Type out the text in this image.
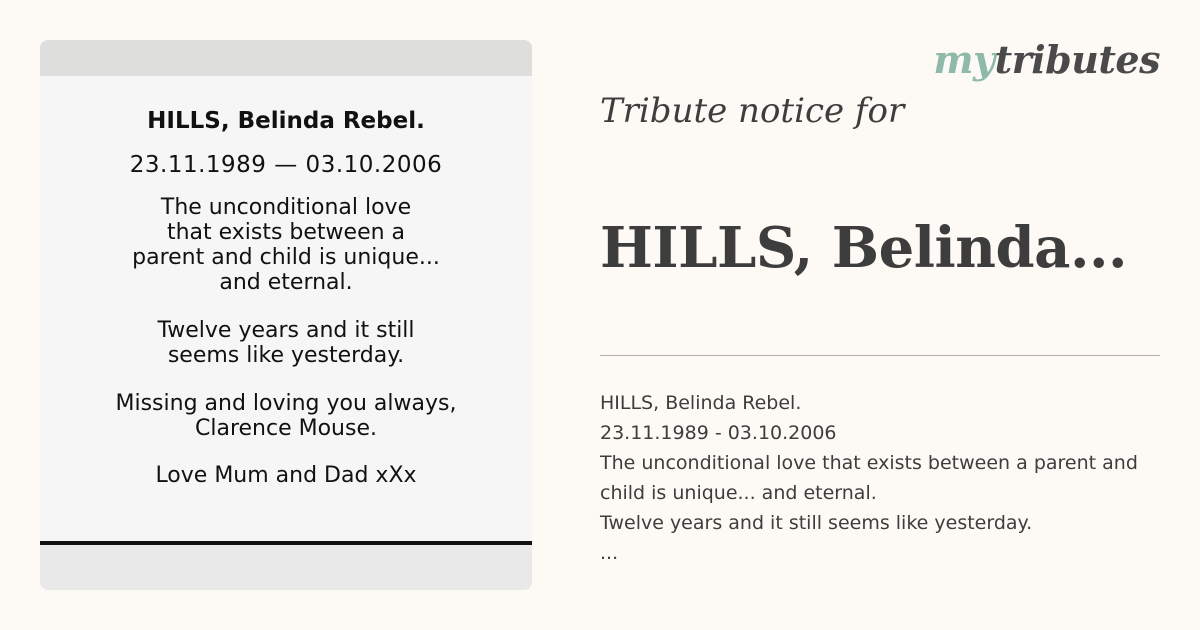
HILLS, Belinda Rebel.

23.11.1989 — 03.10.2006

The unconditional love
that exists between a
parent and child is unique...
and eternal.

Twelve years and it still
seems like yesterday.

Missing and loving you always,
Clarence Mouse.

Love Mum and Dad xXx

mytributes
Tribute notice for
HILLS, Belinda...
HILLS, Belinda Rebel.
23.11.1989 - 03.10.2006
The unconditional love that exists between a parent and child is unique... and eternal.
Twelve years and it still seems like yesterday.
...
